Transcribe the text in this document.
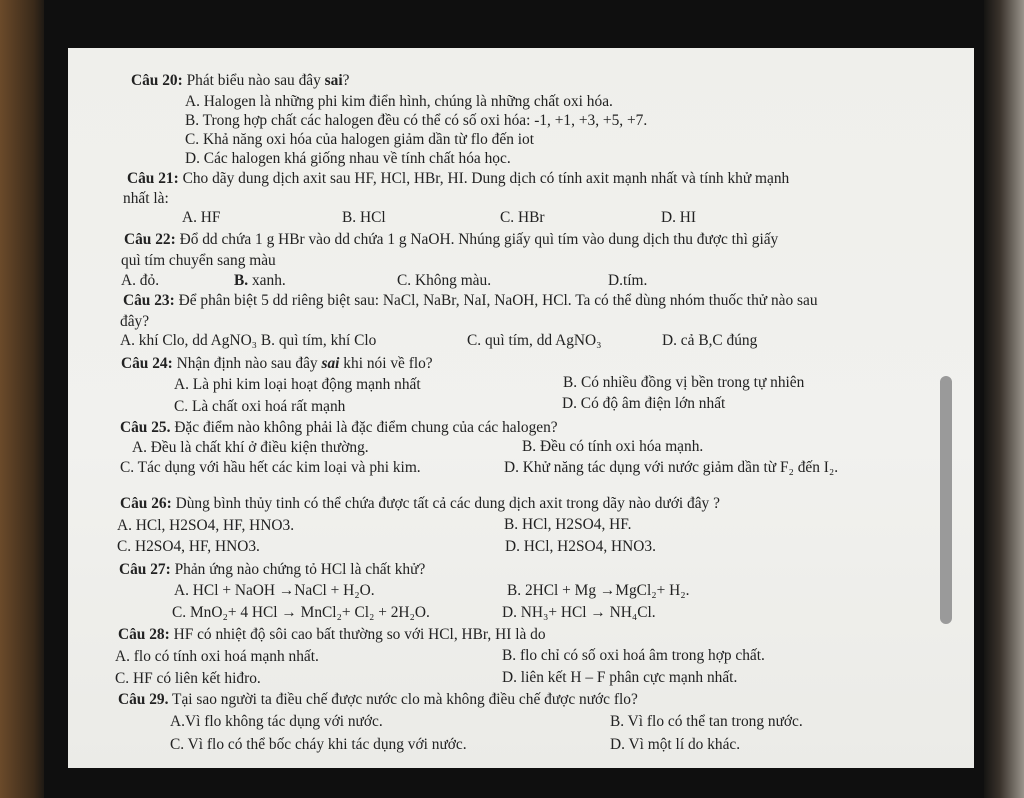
Câu 20: Phát biểu nào sau đây sai?
A. Halogen là những phi kim điển hình, chúng là những chất oxi hóa.
B. Trong hợp chất các halogen đều có thể có số oxi hóa: -1, +1, +3, +5, +7.
C. Khả năng oxi hóa của halogen giảm dần từ flo đến iot
D. Các halogen khá giống nhau về tính chất hóa học.
Câu 21: Cho dãy dung dịch axit sau HF, HCl, HBr, HI. Dung dịch có tính axit mạnh nhất và tính khử mạnh
nhất là:
A. HF	B. HCl	C. HBr	D. HI
Câu 22: Đổ dd chứa 1 g HBr vào dd chứa 1 g NaOH. Nhúng giấy quì tím vào dung dịch thu được thì giấy
quì tím chuyển sang màu
A. đỏ.	B. xanh.	C. Không màu.	D.tím.
Câu 23: Để phân biệt 5 dd riêng biệt sau: NaCl, NaBr, NaI, NaOH, HCl. Ta có thể dùng nhóm thuốc thử nào sau
đây?
A. khí Clo, dd AgNO₃ B. quì tím, khí Clo	C. quì tím, dd AgNO₃	D. cả B,C đúng
Câu 24: Nhận định nào sau đây sai khi nói về flo?
A. Là phi kim loại hoạt động mạnh nhất	B. Có nhiều đồng vị bền trong tự nhiên
C. Là chất oxi hoá rất mạnh	D. Có độ âm điện lớn nhất
Câu 25. Đặc điểm nào không phải là đặc điểm chung của các halogen?
A. Đều là chất khí ở điều kiện thường.	B. Đều có tính oxi hóa mạnh.
C. Tác dụng với hầu hết các kim loại và phi kim.	D. Khử năng tác dụng với nước giảm dần từ F₂ đến I₂.
Câu 26: Dùng bình thủy tinh có thể chứa được tất cả các dung dịch axit trong dãy nào dưới đây ?
A. HCl, H2SO4, HF, HNO3.	B. HCl, H2SO4, HF.
C. H2SO4, HF, HNO3.	D. HCl, H2SO4, HNO3.
Câu 27: Phản ứng nào chứng tỏ HCl là chất khử?
A. HCl + NaOH →NaCl + H₂O.	B. 2HCl + Mg →MgCl₂+ H₂.
C. MnO₂+ 4 HCl → MnCl₂+ Cl₂ + 2H₂O.	D. NH₃+ HCl → NH₄Cl.
Câu 28: HF có nhiệt độ sôi cao bất thường so với HCl, HBr, HI là do
A. flo có tính oxi hoá mạnh nhất.	B. flo chỉ có số oxi hoá âm trong hợp chất.
C. HF có liên kết hiđro.	D. liên kết H – F phân cực mạnh nhất.
Câu 29. Tại sao người ta điều chế được nước clo mà không điều chế được nước flo?
A.Vì flo không tác dụng với nước.	B. Vì flo có thể tan trong nước.
C. Vì flo có thể bốc cháy khi tác dụng với nước.	D. Vì một lí do khác.
